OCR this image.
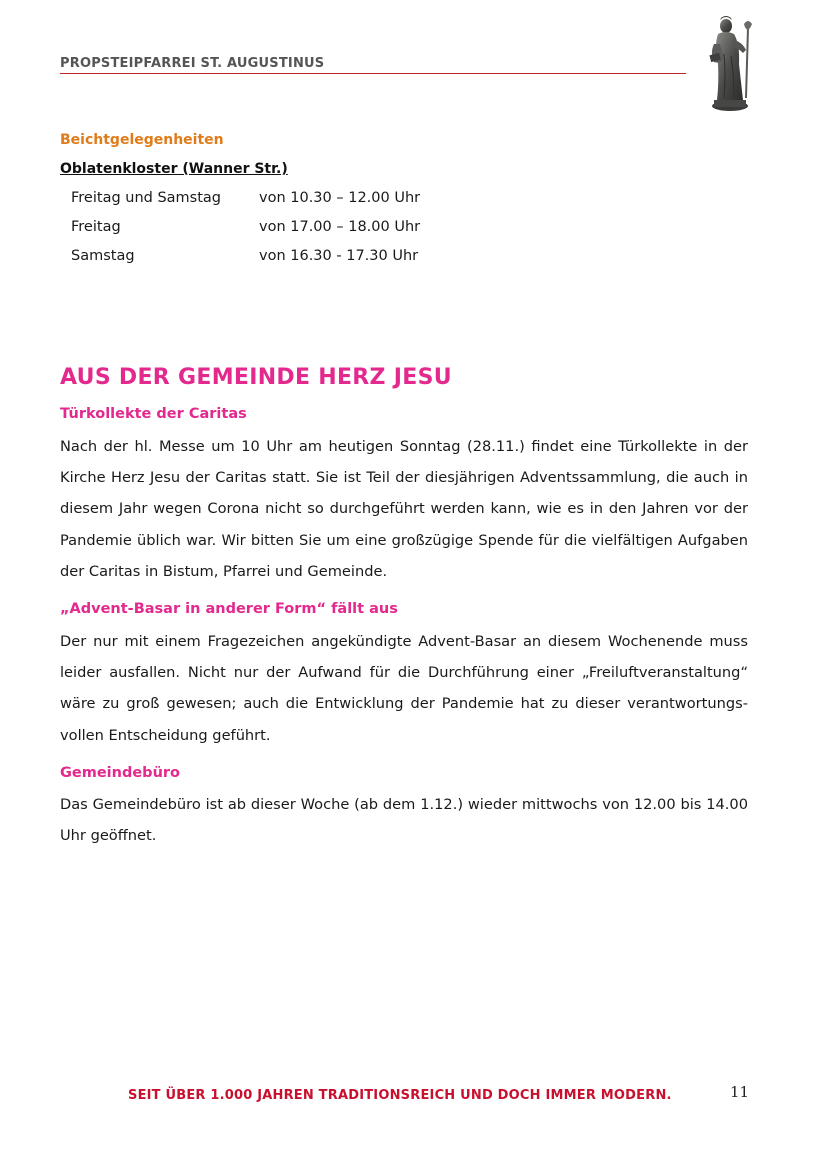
PROPSTEIPFARREI ST. AUGUSTINUS
Beichtgelegenheiten
Oblatenkloster (Wanner Str.)
Freitag und Samstag	von 10.30 – 12.00 Uhr
Freitag	von 17.00 – 18.00 Uhr
Samstag	von 16.30 - 17.30 Uhr
AUS DER GEMEINDE HERZ JESU
Türkollekte der Caritas
Nach der hl. Messe um 10 Uhr am heutigen Sonntag (28.11.) findet eine Türkollekte in der Kirche Herz Jesu der Caritas statt. Sie ist Teil der diesjährigen Adventssammlung, die auch in diesem Jahr wegen Corona nicht so durchgeführt werden kann, wie es in den Jahren vor der Pandemie üblich war. Wir bitten Sie um eine großzügige Spende für die vielfältigen Aufgaben der Caritas in Bistum, Pfarrei und Gemeinde.
„Advent-Basar in anderer Form“ fällt aus
Der nur mit einem Fragezeichen angekündigte Advent-Basar an diesem Wochenende muss leider ausfallen. Nicht nur der Aufwand für die Durchführung einer „Freiluftveranstaltung“ wäre zu groß gewesen; auch die Entwicklung der Pandemie hat zu dieser verantwortungs-vollen Entscheidung geführt.
Gemeindebüro
Das Gemeindebüro ist ab dieser Woche (ab dem 1.12.) wieder mittwochs von 12.00 bis 14.00 Uhr geöffnet.
SEIT ÜBER 1.000 JAHREN TRADITIONSREICH UND DOCH IMMER MODERN.	11
